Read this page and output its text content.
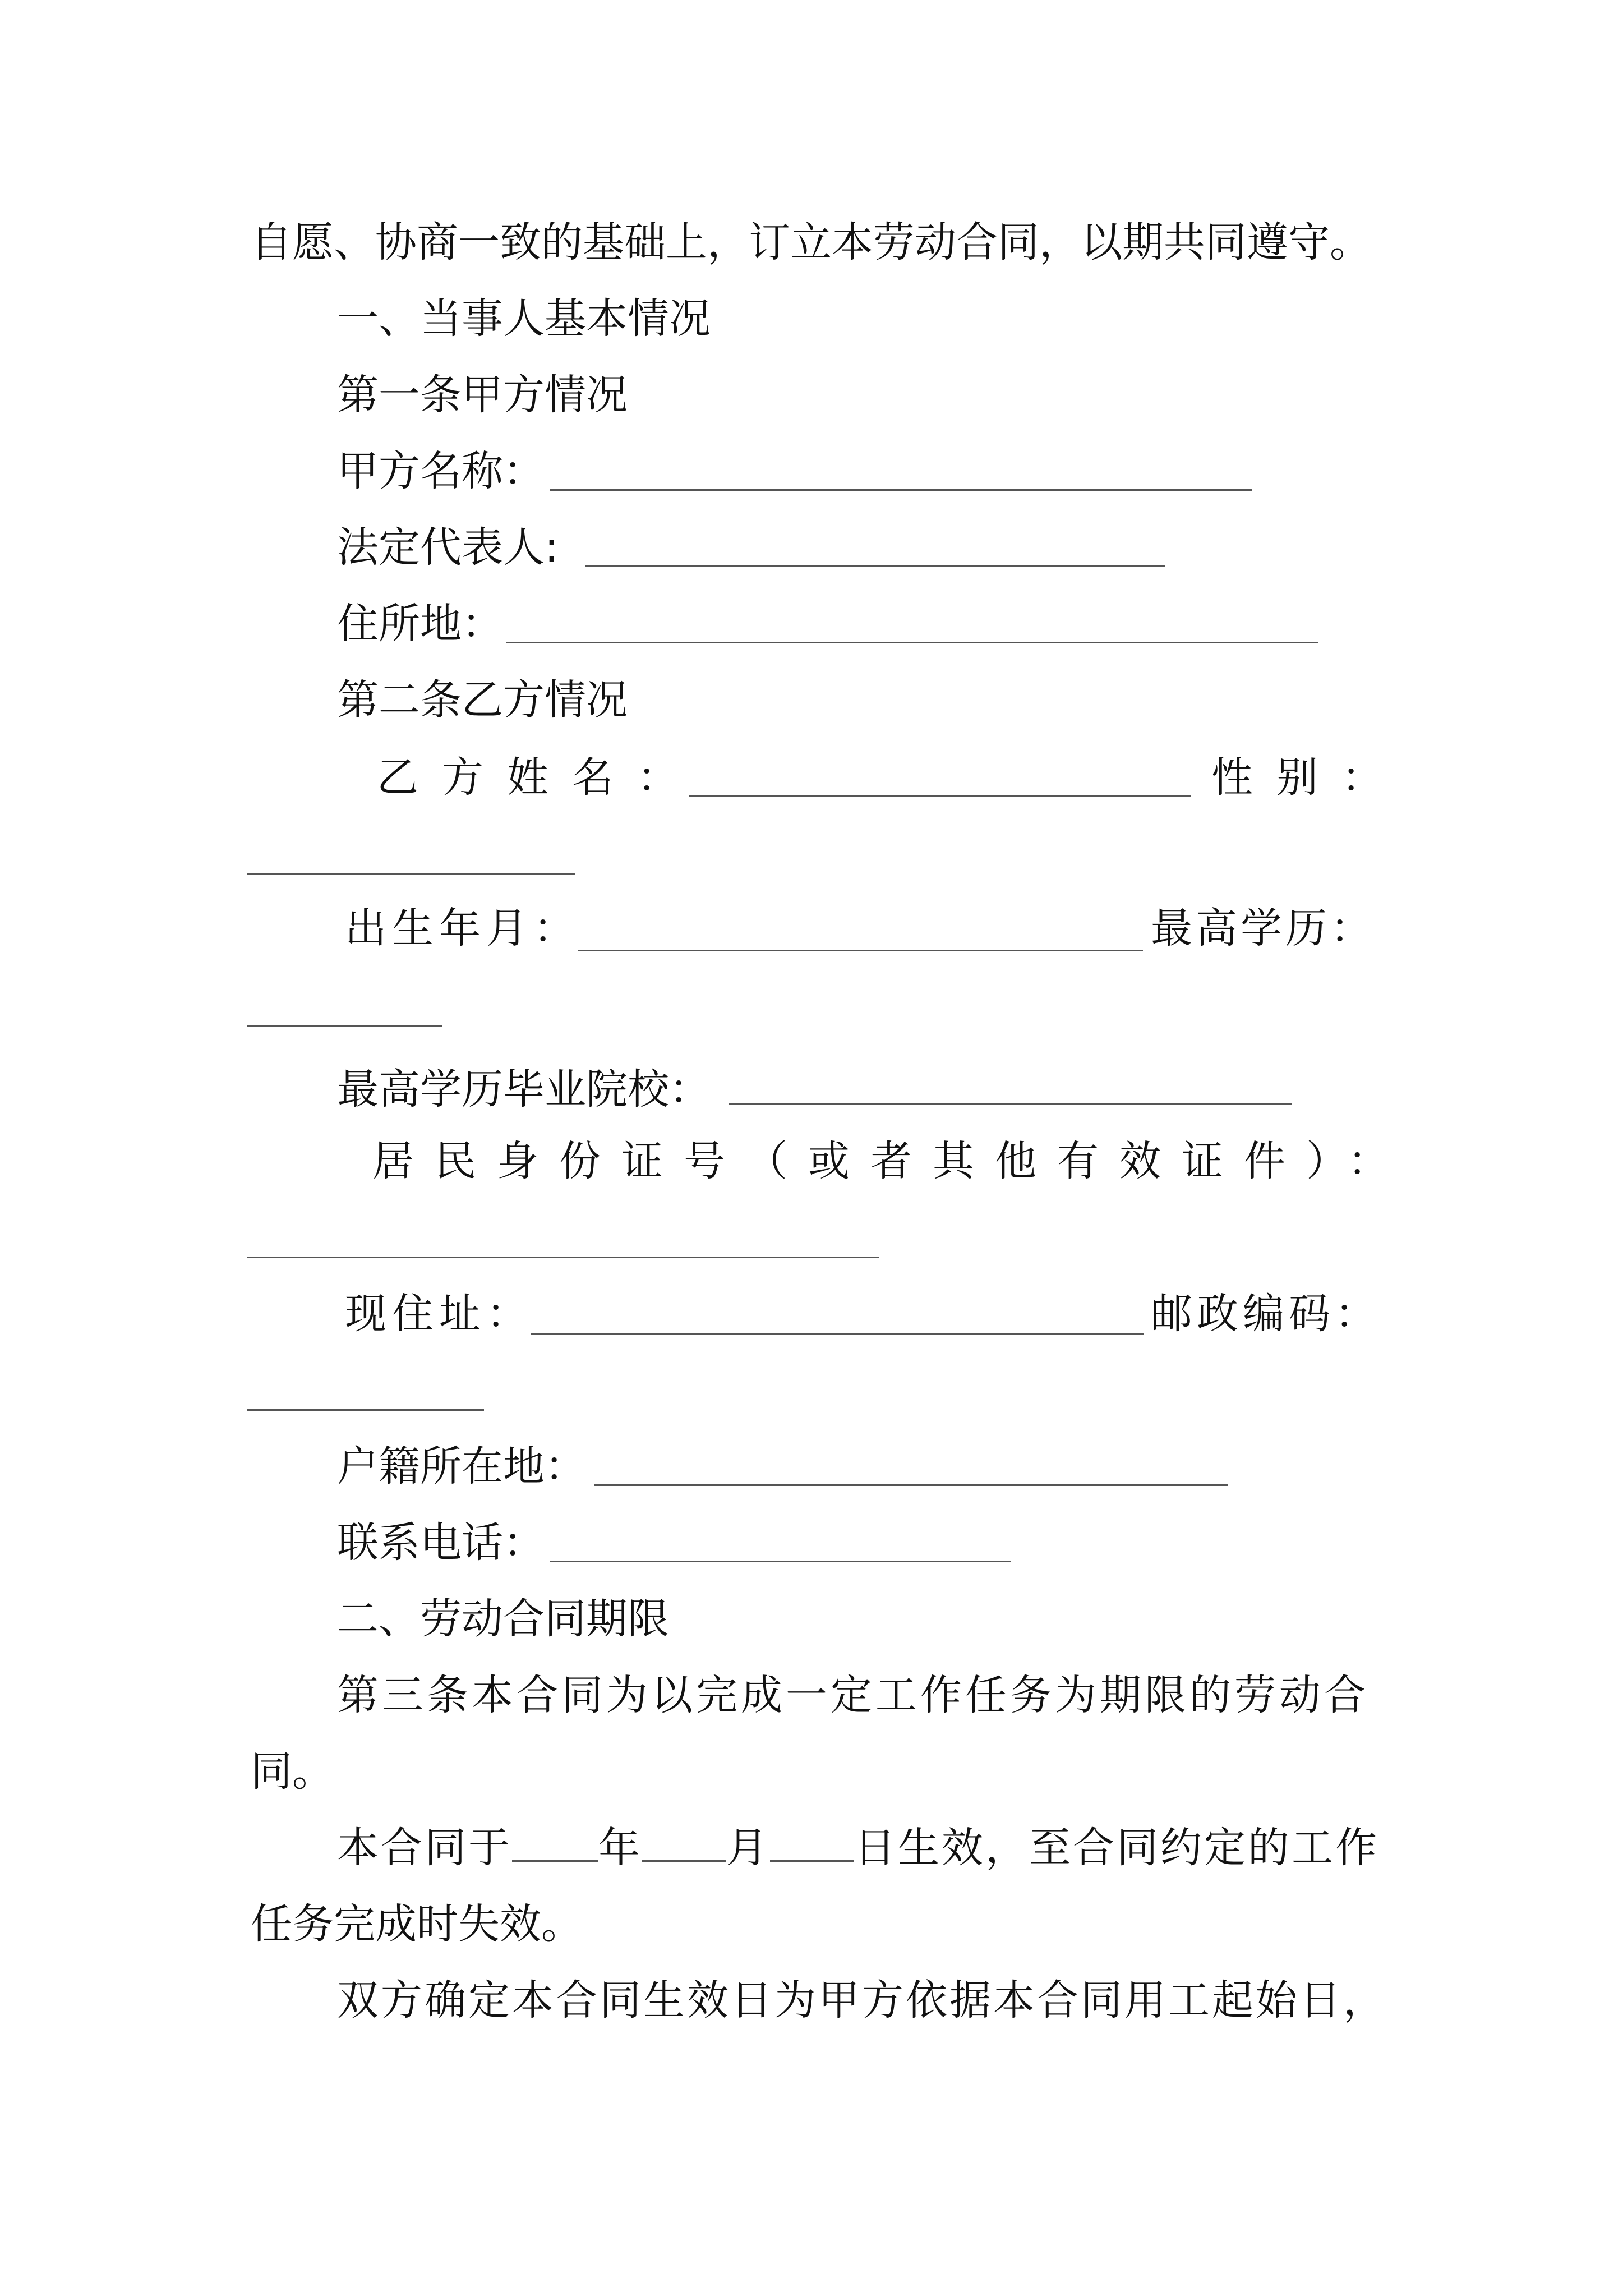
自愿、协商一致的基础上，订立本劳动合同，以期共同遵守。
一、当事人基本情况
第一条甲方情况
甲方名称：
法定代表人:
住所地：
第二条乙方情况
乙方姓名：	性别：
出生年月：	最高学历：
最高学历毕业院校：
居民身份证号（或者其他有效证件）：
现住址：	邮政编码：
户籍所在地：
联系电话：
二、劳动合同期限
第三条本合同为以完成一定工作任务为期限的劳动合
同。
本合同于 年 月 日生效，至合同约定的工作
任务完成时失效。
双方确定本合同生效日为甲方依据本合同用工起始日，
